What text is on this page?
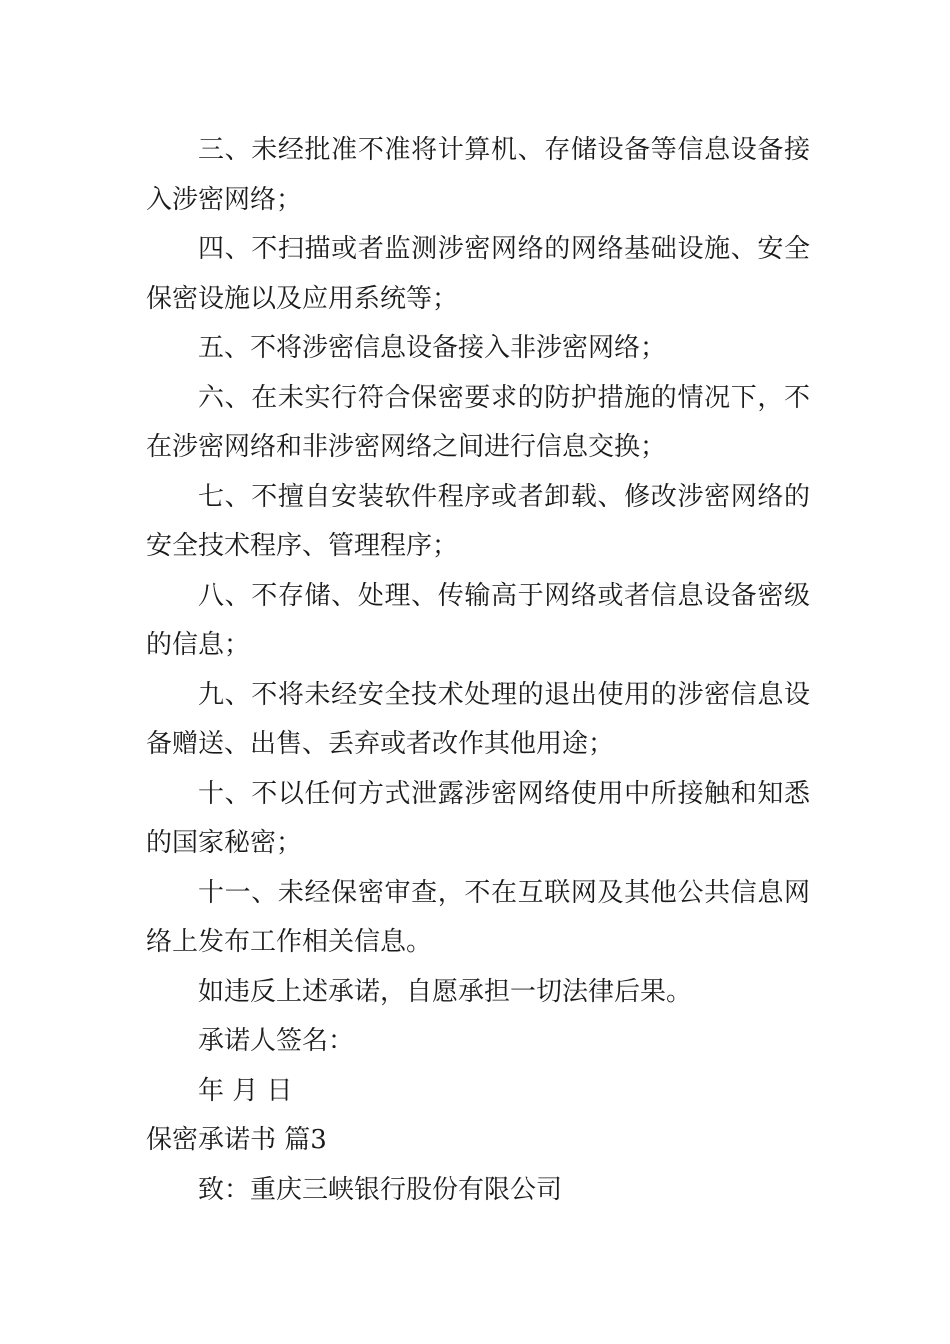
三、未经批准不准将计算机、存储设备等信息设备接入涉密网络；

四、不扫描或者监测涉密网络的网络基础设施、安全保密设施以及应用系统等；

五、不将涉密信息设备接入非涉密网络；

六、在未实行符合保密要求的防护措施的情况下，不在涉密网络和非涉密网络之间进行信息交换；

七、不擅自安装软件程序或者卸载、修改涉密网络的安全技术程序、管理程序；

八、不存储、处理、传输高于网络或者信息设备密级的信息；

九、不将未经安全技术处理的退出使用的涉密信息设备赠送、出售、丢弃或者改作其他用途；

十、不以任何方式泄露涉密网络使用中所接触和知悉的国家秘密；

十一、未经保密审查，不在互联网及其他公共信息网络上发布工作相关信息。

如违反上述承诺，自愿承担一切法律后果。

承诺人签名：

年 月 日

保密承诺书 篇3

致：重庆三峡银行股份有限公司
